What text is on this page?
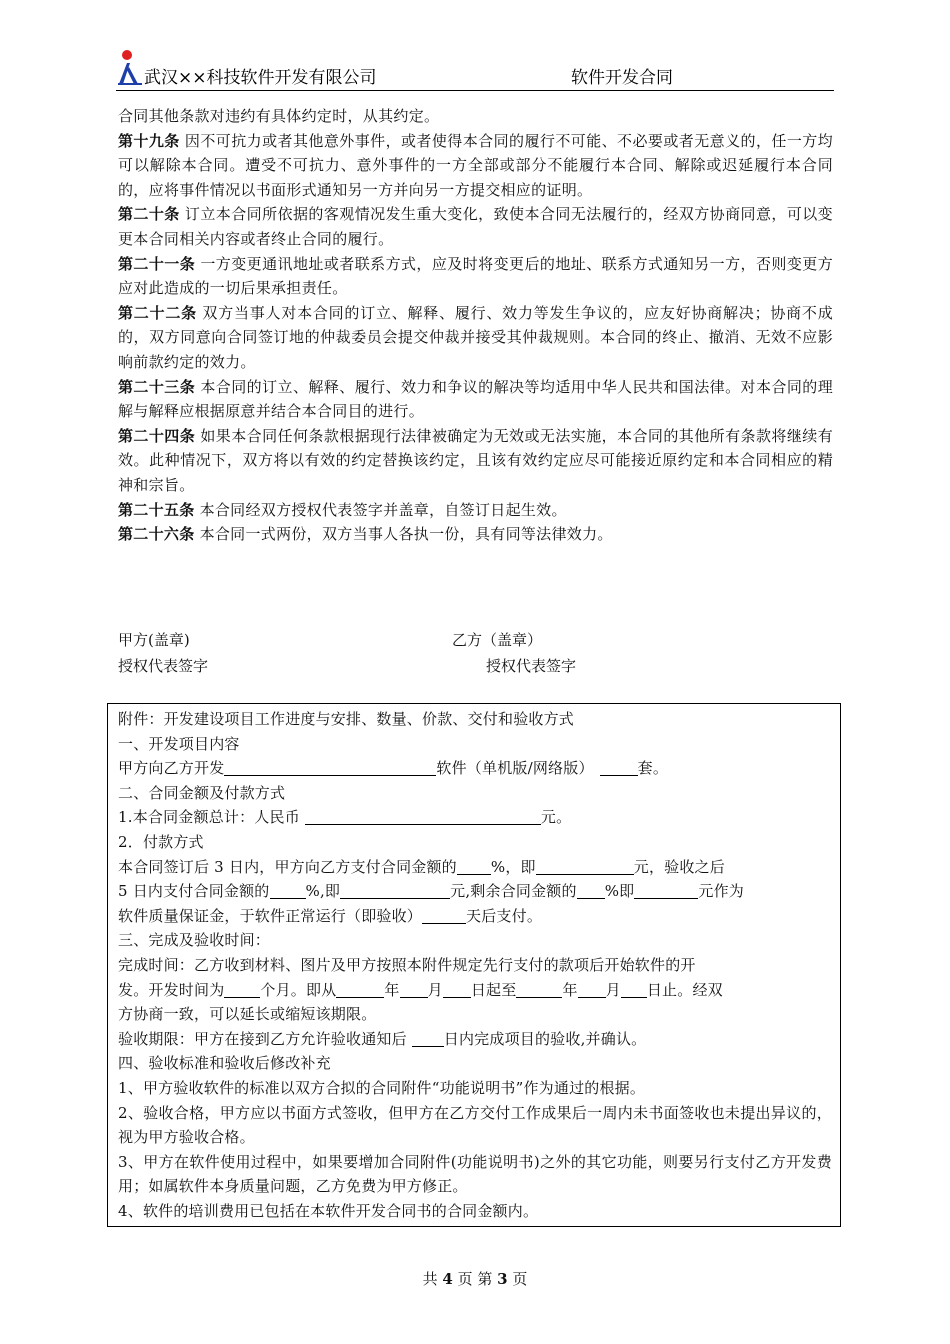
武汉××科技软件开发有限公司	软件开发合同

合同其他条款对违约有具体约定时，从其约定。

第十九条 因不可抗力或者其他意外事件，或者使得本合同的履行不可能、不必要或者无意义的，任一方均可以解除本合同。遭受不可抗力、意外事件的一方全部或部分不能履行本合同、解除或迟延履行本合同的，应将事件情况以书面形式通知另一方并向另一方提交相应的证明。

第二十条 订立本合同所依据的客观情况发生重大变化，致使本合同无法履行的，经双方协商同意，可以变更本合同相关内容或者终止合同的履行。

第二十一条 一方变更通讯地址或者联系方式，应及时将变更后的地址、联系方式通知另一方，否则变更方应对此造成的一切后果承担责任。

第二十二条 双方当事人对本合同的订立、解释、履行、效力等发生争议的，应友好协商解决；协商不成的，双方同意向合同签订地的仲裁委员会提交仲裁并接受其仲裁规则。本合同的终止、撤消、无效不应影响前款约定的效力。

第二十三条 本合同的订立、解释、履行、效力和争议的解决等均适用中华人民共和国法律。对本合同的理解与解释应根据原意并结合本合同目的进行。

第二十四条 如果本合同任何条款根据现行法律被确定为无效或无法实施，本合同的其他所有条款将继续有效。此种情况下，双方将以有效的约定替换该约定，且该有效约定应尽可能接近原约定和本合同相应的精神和宗旨。

第二十五条 本合同经双方授权代表签字并盖章，自签订日起生效。

第二十六条 本合同一式两份，双方当事人各执一份，具有同等法律效力。

甲方(盖章)
授权代表签字
乙方（盖章）
授权代表签字

附件：开发建设项目工作进度与安排、数量、价款、交付和验收方式

一、开发项目内容

甲方向乙方开发	软件（单机版/网络版）	套。

二、合同金额及付款方式

1.本合同金额总计：人民币	元。

2．付款方式

本合同签订后 3 日内，甲方向乙方支付合同金额的 %，即	元，验收之后

5 日内支付合同金额的 %,即	元,剩余合同金额的 %即	元作为

软件质量保证金，于软件正常运行（即验收）	天后支付。

三、完成及验收时间：

完成时间：乙方收到材料、图片及甲方按照本附件规定先行支付的款项后开始软件的开

发。开发时间为 个月。即从	年 月 日起至	年 月 日止。经双

方协商一致，可以延长或缩短该期限。

验收期限：甲方在接到乙方允许验收通知后 日内完成项目的验收,并确认。

四、验收标准和验收后修改补充

1、甲方验收软件的标准以双方合拟的合同附件“功能说明书”作为通过的根据。

2、验收合格，甲方应以书面方式签收，但甲方在乙方交付工作成果后一周内未书面签收也未提出异议的，视为甲方验收合格。

3、甲方在软件使用过程中，如果要增加合同附件(功能说明书)之外的其它功能，则要另行支付乙方开发费用；如属软件本身质量问题，乙方免费为甲方修正。

4、软件的培训费用已包括在本软件开发合同书的合同金额内。

共 4 页 第 3 页
